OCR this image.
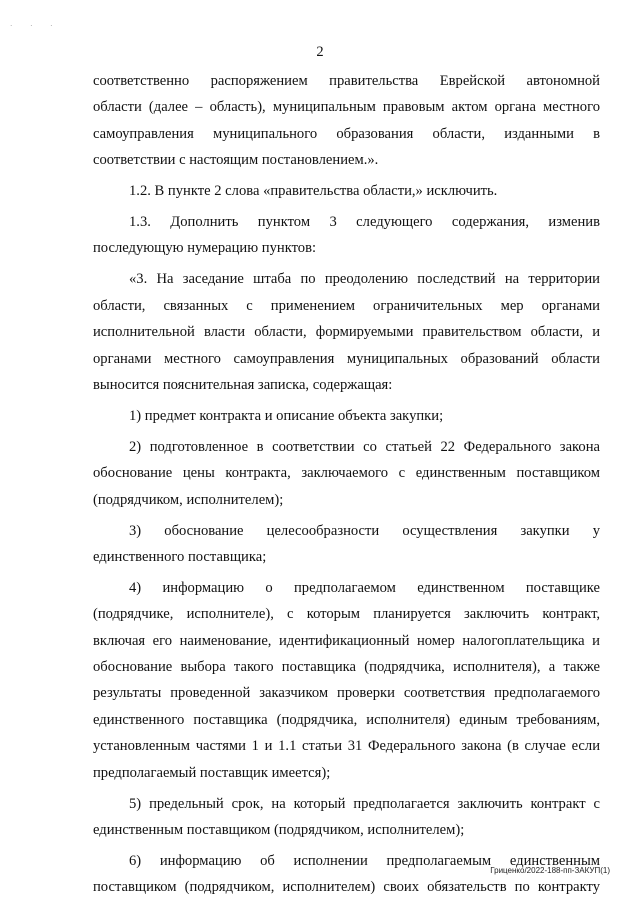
· · ·
2
соответственно распоряжением правительства Еврейской автономной
области (далее – область), муниципальным правовым актом органа местного
самоуправления муниципального образования области, изданными в
соответствии с настоящим постановлением.».
1.2. В пункте 2 слова «правительства области,» исключить.
1.3. Дополнить пунктом 3 следующего содержания, изменив
последующую нумерацию пунктов:
«3. На заседание штаба по преодолению последствий на территории
области, связанных с применением ограничительных мер органами
исполнительной власти области, формируемыми правительством области, и
органами местного самоуправления муниципальных образований области
выносится пояснительная записка, содержащая:
1) предмет контракта и описание объекта закупки;
2) подготовленное в соответствии со статьей 22 Федерального закона
обоснование цены контракта, заключаемого с единственным поставщиком
(подрядчиком, исполнителем);
3) обоснование целесообразности осуществления закупки у
единственного поставщика;
4) информацию о предполагаемом единственном поставщике
(подрядчике, исполнителе), с которым планируется заключить контракт,
включая его наименование, идентификационный номер налогоплательщика и
обоснование выбора такого поставщика (подрядчика, исполнителя), а также
результаты проведенной заказчиком проверки соответствия предполагаемого
единственного поставщика (подрядчика, исполнителя) единым требованиям,
установленным частями 1 и 1.1 статьи 31 Федерального закона (в случае если
предполагаемый поставщик имеется);
5) предельный срок, на который предполагается заключить контракт с
единственным поставщиком (подрядчиком, исполнителем);
6) информацию об исполнении предполагаемым единственным
поставщиком (подрядчиком, исполнителем) своих обязательств по контракту
Гриценко/2022-188-пп-ЗАКУП(1)
